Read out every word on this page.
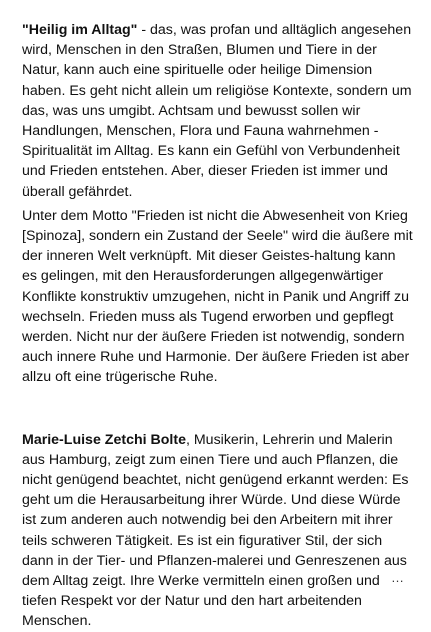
"Heilig im Alltag" - das, was profan und alltäglich angesehen wird, Menschen in den Straßen, Blumen und Tiere in der Natur, kann auch eine spirituelle oder heilige Dimension haben. Es geht nicht allein um religiöse Kontexte, sondern um das, was uns umgibt. Achtsam und bewusst sollen wir Handlungen, Menschen, Flora und Fauna wahrnehmen - Spiritualität im Alltag. Es kann ein Gefühl von Verbundenheit und Frieden entstehen. Aber, dieser Frieden ist immer und überall gefährdet.

Unter dem Motto "Frieden ist nicht die Abwesenheit von Krieg [Spinoza], sondern ein Zustand der Seele" wird die äußere mit der inneren Welt verknüpft. Mit dieser Geistes-haltung kann es gelingen, mit den Herausforderungen allgegenwärtiger Konflikte konstruktiv umzugehen, nicht in Panik und Angriff zu wechseln. Frieden muss als Tugend erworben und gepflegt werden. Nicht nur der äußere Frieden ist notwendig, sondern auch innere Ruhe und Harmonie. Der äußere Frieden ist aber allzu oft eine trügerische Ruhe.

Marie-Luise Zetchi Bolte, Musikerin, Lehrerin und Malerin aus Hamburg, zeigt zum einen Tiere und auch Pflanzen, die nicht genügend beachtet, nicht genügend erkannt werden: Es geht um die Herausarbeitung ihrer Würde. Und diese Würde ist zum anderen auch notwendig bei den Arbeitern mit ihrer teils schweren Tätigkeit. Es ist ein figurativer Stil, der sich dann in der Tier- und Pflanzen-malerei und Genreszenen aus dem Alltag zeigt. Ihre Werke vermitteln einen großen und tiefen Respekt vor der Natur und den hart arbeitenden Menschen.

…
